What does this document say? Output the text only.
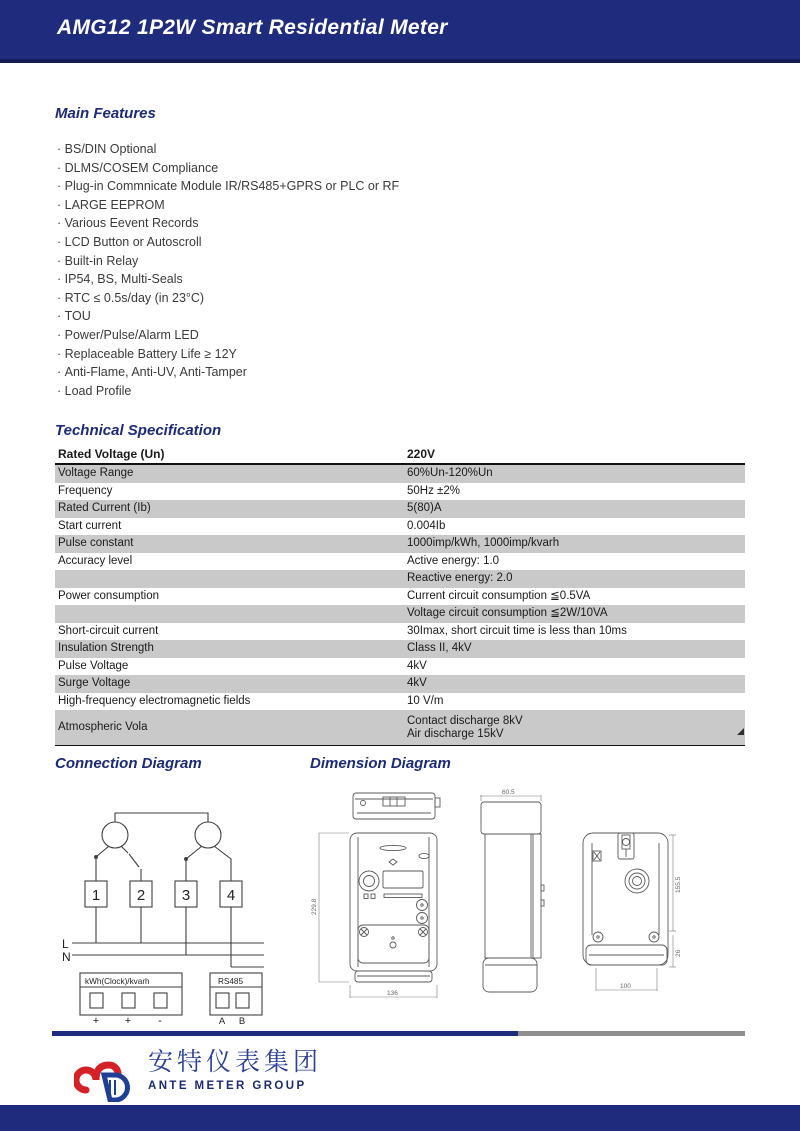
AMG12 1P2W Smart Residential Meter
Main Features
· BS/DIN Optional
· DLMS/COSEM Compliance
· Plug-in Commnicate Module IR/RS485+GPRS or PLC or RF
· LARGE EEPROM
· Various Eevent Records
· LCD Button or Autoscroll
· Built-in Relay
· IP54, BS, Multi-Seals
· RTC ≤ 0.5s/day (in 23°C)
· TOU
· Power/Pulse/Alarm LED
· Replaceable Battery Life ≥ 12Y
· Anti-Flame, Anti-UV, Anti-Tamper
· Load Profile
Technical Specification
Rated Voltage (Un)	220V
Voltage Range	60%Un-120%Un
Frequency	50Hz ±2%
Rated Current (Ib)	5(80)A
Start current	0.004Ib
Pulse constant	1000imp/kWh, 1000imp/kvarh
Accuracy level	Active energy: 1.0
	Reactive energy: 2.0
Power consumption	Current circuit consumption ≦0.5VA
	Voltage circuit consumption ≦2W/10VA
Short-circuit current	30Imax, short circuit time is less than 10ms
Insulation Strength	Class II, 4kV
Pulse Voltage	4kV
Surge Voltage	4kV
High-frequency electromagnetic fields	10 V/m
Atmospheric Vola	Contact discharge 8kV
Air discharge 15kV
Connection Diagram	Dimension Diagram
1 2 3 4
L
N
kWh(Clock)/kvarh
+ + -
RS485
A B
229.8
136
60.5
155.5
26
100
安特仪表集团
ANTE METER GROUP
